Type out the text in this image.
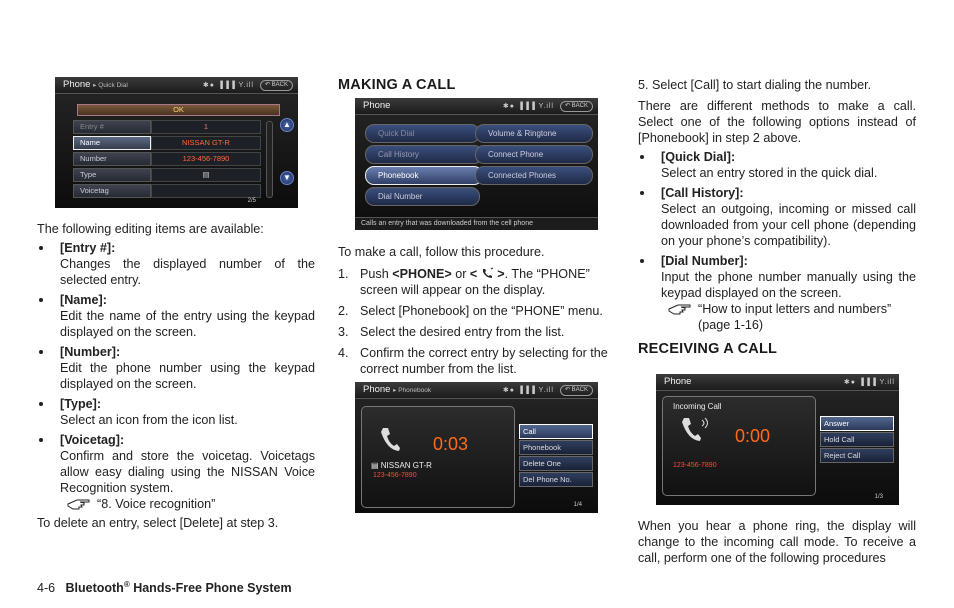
Phone ▸ Quick Dial	✱● ▐▐▐ Y.ill	↶ BACK
OK
Entry #	1
Name	NISSAN GT-R
Number	123-456-7890
Type	▤
Voicetag
▲
▼
2/5
The following editing items are available:
[Entry #]:
Changes the displayed number of the selected entry.
[Name]:
Edit the name of the entry using the keypad displayed on the screen.
[Number]:
Edit the phone number using the keypad displayed on the screen.
[Type]:
Select an icon from the icon list.
[Voicetag]:
Confirm and store the voicetag. Voicetags allow easy dialing using the NISSAN Voice Recognition system.
“8. Voice recognition”
To delete an entry, select [Delete] at step 3.
MAKING A CALL
Phone	✱● ▐▐▐ Y.ill	↶ BACK
Quick Dial
Call History
Phonebook
Dial Number
Volume & Ringtone
Connect Phone
Connected Phones
Calls an entry that was downloaded from the cell phone
To make a call, follow this procedure.
1. Push <PHONE> or < >. The “PHONE” screen will appear on the display.
2. Select [Phonebook] on the “PHONE” menu.
3. Select the desired entry from the list.
4. Confirm the correct entry by selecting for the correct number from the list.
Phone ▸ Phonebook	✱● ▐▐▐ Y.ill	↶ BACK
0:03
▤ NISSAN GT-R
123-456-7890
Call
Phonebook
Delete One
Del Phone No.
1/4
5. Select [Call] to start dialing the number.
There are different methods to make a call. Select one of the following options instead of [Phonebook] in step 2 above.
[Quick Dial]:
Select an entry stored in the quick dial.
[Call History]:
Select an outgoing, incoming or missed call downloaded from your cell phone (depending on your phone’s compatibility).
[Dial Number]:
Input the phone number manually using the keypad displayed on the screen.
“How to input letters and numbers” (page 1-16)
RECEIVING A CALL
Phone	✱● ▐▐▐ Y.ill
Incoming Call
0:00
123-456-7890
Answer
Hold Call
Reject Call
1/3
When you hear a phone ring, the display will change to the incoming call mode. To receive a call, perform one of the following procedures
4-6 Bluetooth® Hands-Free Phone System
